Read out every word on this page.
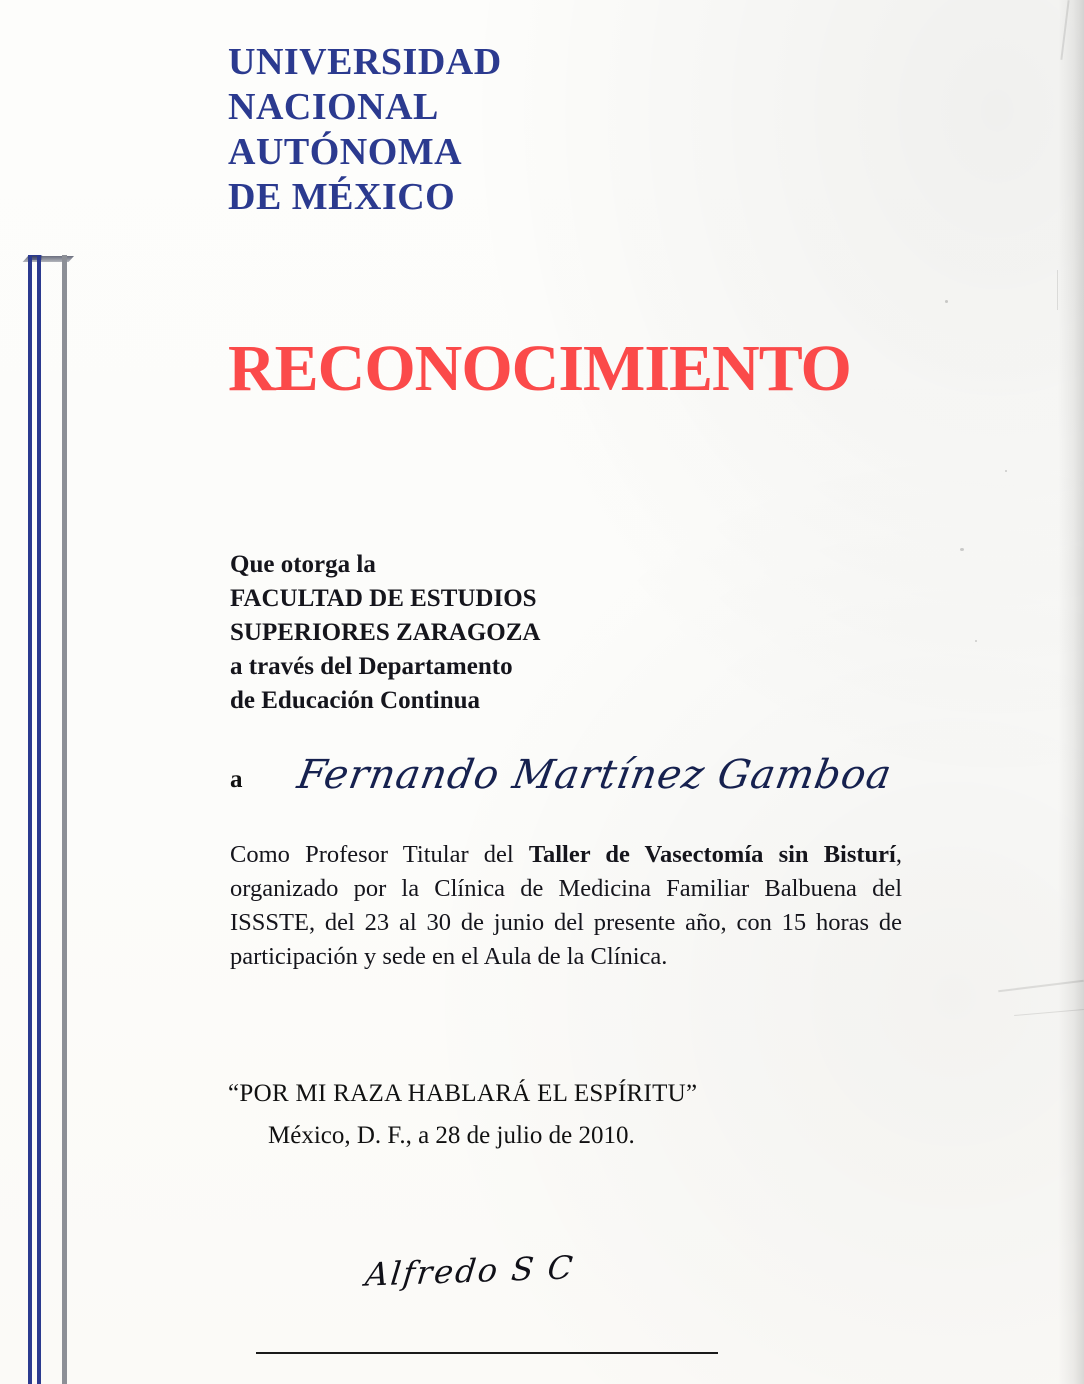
UNIVERSIDAD
NACIONAL
AUTÓNOMA
DE MÉXICO
RECONOCIMIENTO
Que otorga la
FACULTAD DE ESTUDIOS
SUPERIORES ZARAGOZA
a través del Departamento
de Educación Continua
a Fernando Martínez Gamboa
Como Profesor Titular del Taller de Vasectomía sin Bisturí, organizado por la Clínica de Medicina Familiar Balbuena del ISSSTE, del 23 al 30 de junio del presente año, con 15 horas de participación y sede en el Aula de la Clínica.
“POR MI RAZA HABLARÁ EL ESPÍRITU”
México, D. F., a 28 de julio de 2010.
Alfredo S C
